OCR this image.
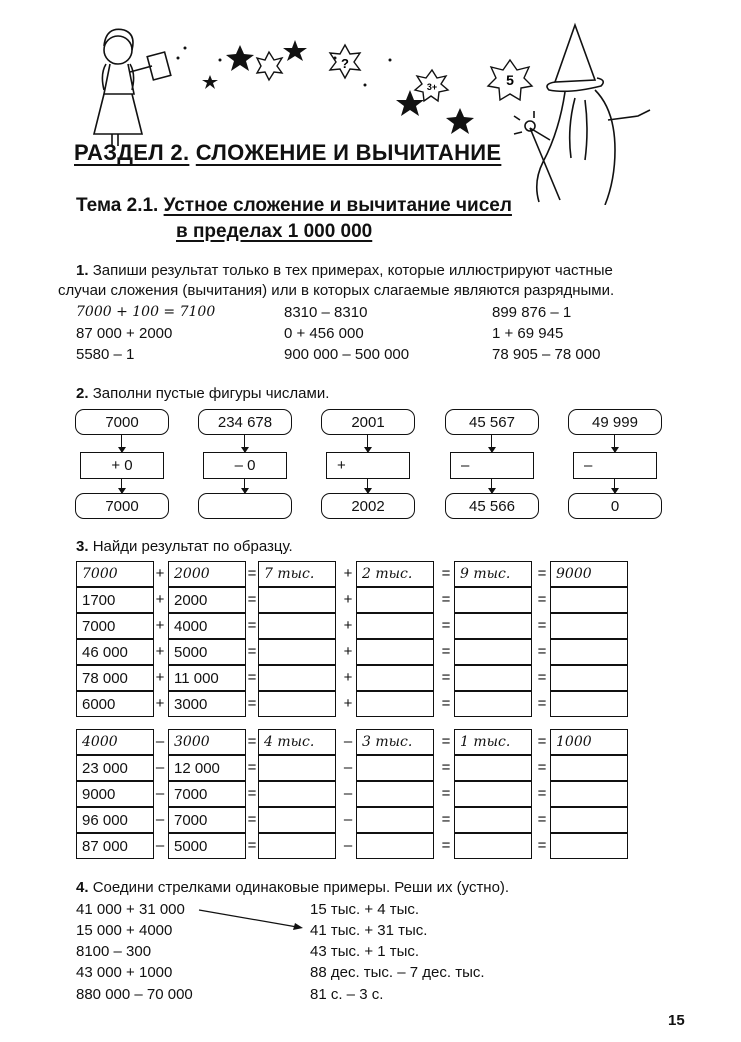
?
3+	5
РАЗДЕЛ 2. СЛОЖЕНИЕ И ВЫЧИТАНИЕ
Тема 2.1. Устное сложение и вычитание чисел
в пределах 1 000 000
1. Запиши результат только в тех примерах, которые иллюстрируют частные
случаи сложения (вычитания) или в которых слагаемые являются разрядными.
7000 + 100 = 7100
87 000 + 2000
5580 – 1
8310 – 8310
0 + 456 000
900 000 – 500 000
899 876 – 1
1 + 69 945
78 905 – 78 000
2. Заполни пустые фигуры числами.
7000
+ 0
7000
234 678
– 0
2001
+
2002
45 567
–
45 566
49 999
–
0
3. Найди результат по образцу.
7000	+ 2000	= 7 тыс.	+ 2 тыс.	= 9 тыс.	= 9000
1700	+ 2000	=	+	=	=
7000	+ 4000	=	+	=	=
46 000	+ 5000	=	+	=	=
78 000	+ 11 000	=	+	=	=
6000	+ 3000	=	+	=	=
4000	– 3000	= 4 тыс.	– 3 тыс.	= 1 тыс.	= 1000
23 000	– 12 000	=	–	=	=
9000	– 7000	=	–	=	=
96 000	– 7000	=	–	=	=
87 000	– 5000	=	–	=	=
4. Соедини стрелками одинаковые примеры. Реши их (устно).
41 000 + 31 000
15 000 + 4000
8100 – 300
43 000 + 1000
880 000 – 70 000
15 тыс. + 4 тыс.
41 тыс. + 31 тыс.
43 тыс. + 1 тыс.
88 дес. тыс. – 7 дес. тыс.
81 с. – 3 с.
15
